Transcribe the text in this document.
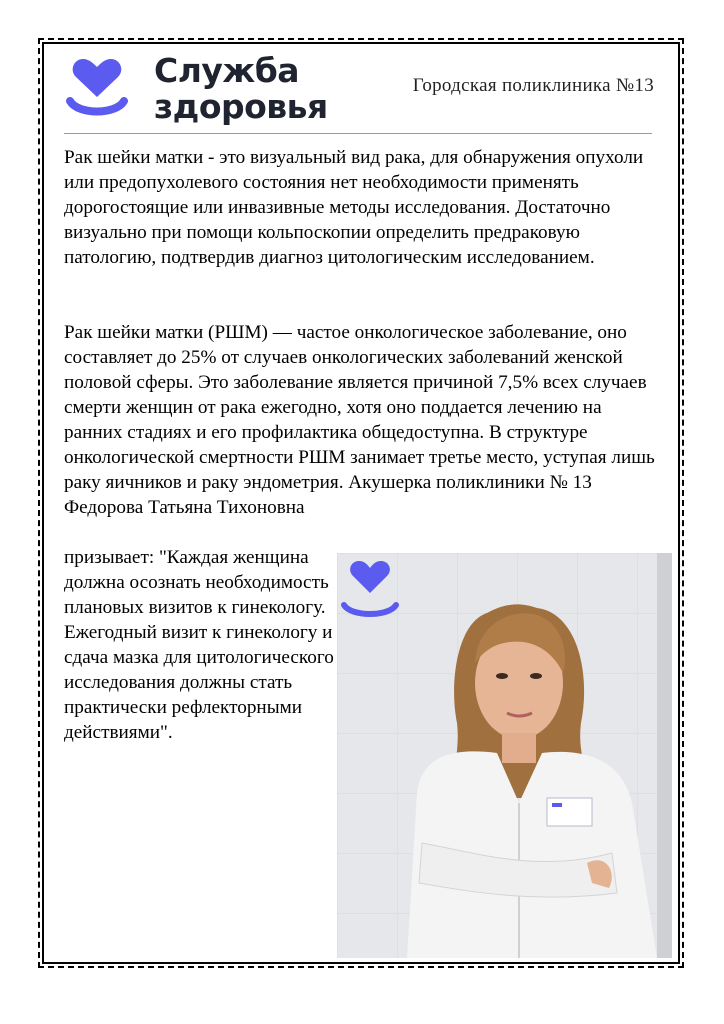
Служба
здоровья
Городская поликлиника №13
Рак шейки матки - это визуальный вид рака, для обнаружения опухоли или предопухолевого состояния нет необходимости применять дорогостоящие или инвазивные методы исследования. Достаточно визуально при помощи кольпоскопии определить предраковую патологию, подтвердив диагноз цитологическим исследованием.
Рак шейки матки (РШМ) — частое онкологическое заболевание, оно составляет до 25% от случаев онкологических заболеваний женской половой сферы. Это заболевание является причиной 7,5% всех случаев смерти женщин от рака ежегодно, хотя оно поддается лечению на ранних стадиях и его профилактика общедоступна. В структуре онкологической смертности РШМ занимает третье место, уступая лишь раку яичников и раку эндометрия. Акушерка поликлиники № 13 Федорова Татьяна Тихоновна
призывает: "Каждая женщина должна осознать необходимость плановых визитов к гинекологу. Ежегодный визит к гинекологу и сдача мазка для цитологического исследования должны стать практически рефлекторными действиями".
